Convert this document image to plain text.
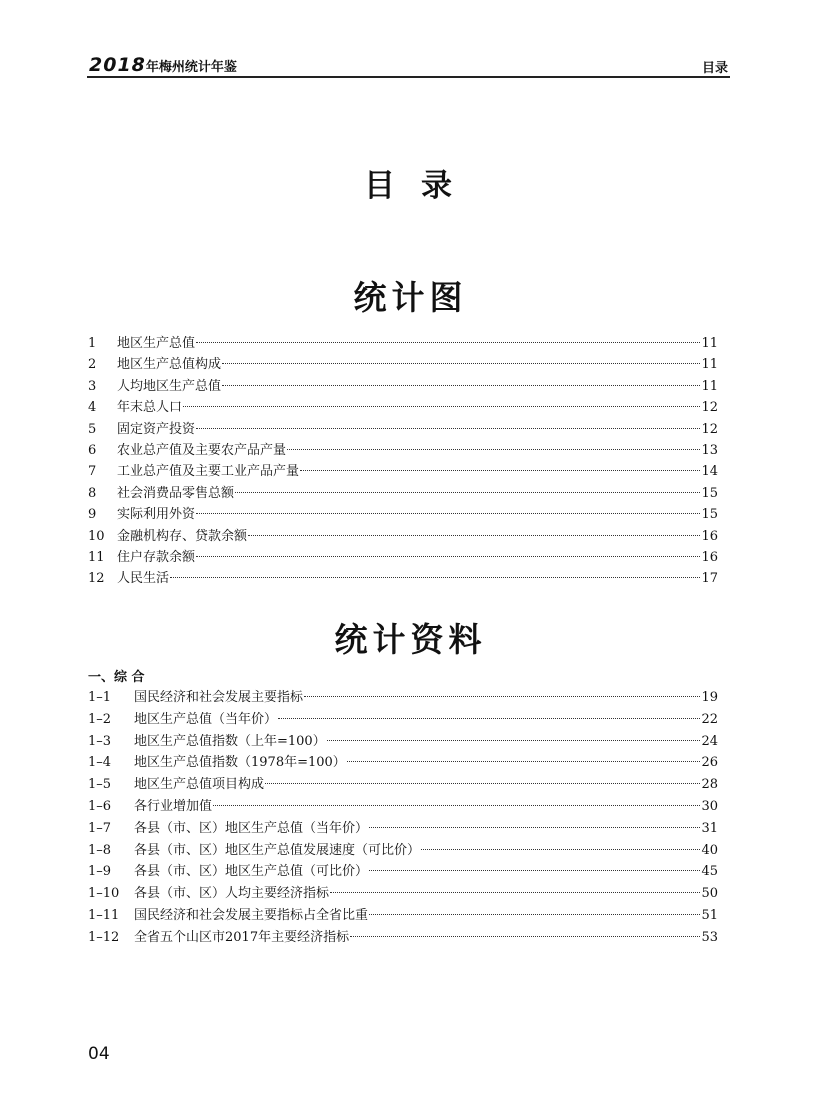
2018年梅州统计年鉴	目录
目录
统计图
1	地区生产总值	11
2	地区生产总值构成	11
3	人均地区生产总值	11
4	年末总人口	12
5	固定资产投资	12
6	农业总产值及主要农产品产量	13
7	工业总产值及主要工业产品产量	14
8	社会消费品零售总额	15
9	实际利用外资	15
10 金融机构存、贷款余额	16
11 住户存款余额	16
12 人民生活	17
统计资料
一、综 合
1–1	国民经济和社会发展主要指标	19
1–2	地区生产总值（当年价）	22
1–3	地区生产总值指数（上年=100）	24
1–4	地区生产总值指数（1978年=100）	26
1–5	地区生产总值项目构成	28
1–6	各行业增加值	30
1–7	各县（市、区）地区生产总值（当年价）	31
1–8	各县（市、区）地区生产总值发展速度（可比价）	40
1–9	各县（市、区）地区生产总值（可比价）	45
1–10	各县（市、区）人均主要经济指标	50
1–11	国民经济和社会发展主要指标占全省比重	51
1–12	全省五个山区市2017年主要经济指标	53
04
